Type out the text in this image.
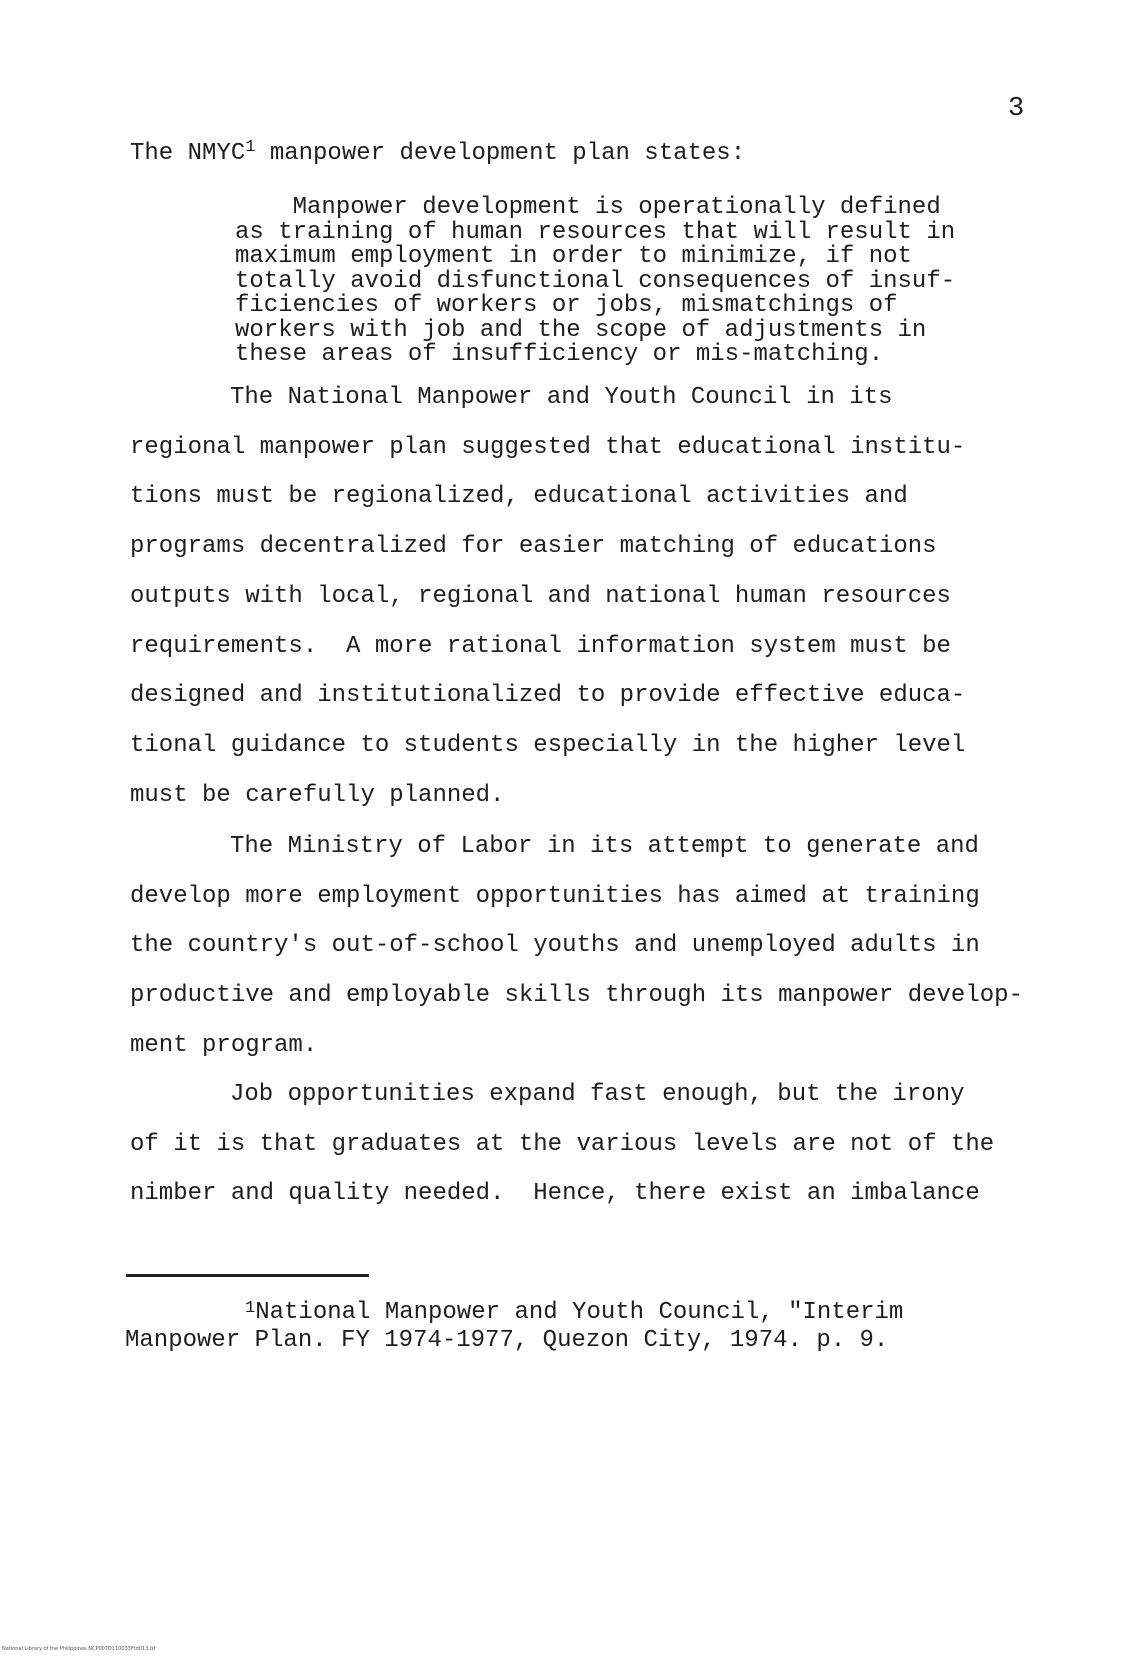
3
The NMYC$^1$ manpower development plan states:
Manpower development is operationally defined
as training of human resources that will result in
maximum employment in order to minimize, if not
totally avoid disfunctional consequences of insuf-
ficiencies of workers or jobs, mismatchings of
workers with job and the scope of adjustments in
these areas of insufficiency or mis-matching.
The National Manpower and Youth Council in its
regional manpower plan suggested that educational institu-
tions must be regionalized, educational activities and
programs decentralized for easier matching of educations
outputs with local, regional and national human resources
requirements.  A more rational information system must be
designed and institutionalized to provide effective educa-
tional guidance to students especially in the higher level
must be carefully planned.
The Ministry of Labor in its attempt to generate and
develop more employment opportunities has aimed at training
the country's out-of-school youths and unemployed adults in
productive and employable skills through its manpower develop-
ment program.
Job opportunities expand fast enough, but the irony
of it is that graduates at the various levels are not of the
nimber and quality needed.  Hence, there exist an imbalance
$^1$National Manpower and Youth Council, "Interim
Manpower Plan. FY 1974-1977, Quezon City, 1974. p. 9.
National Library of the Philippines NCP00TD110033Ftd013.tif
